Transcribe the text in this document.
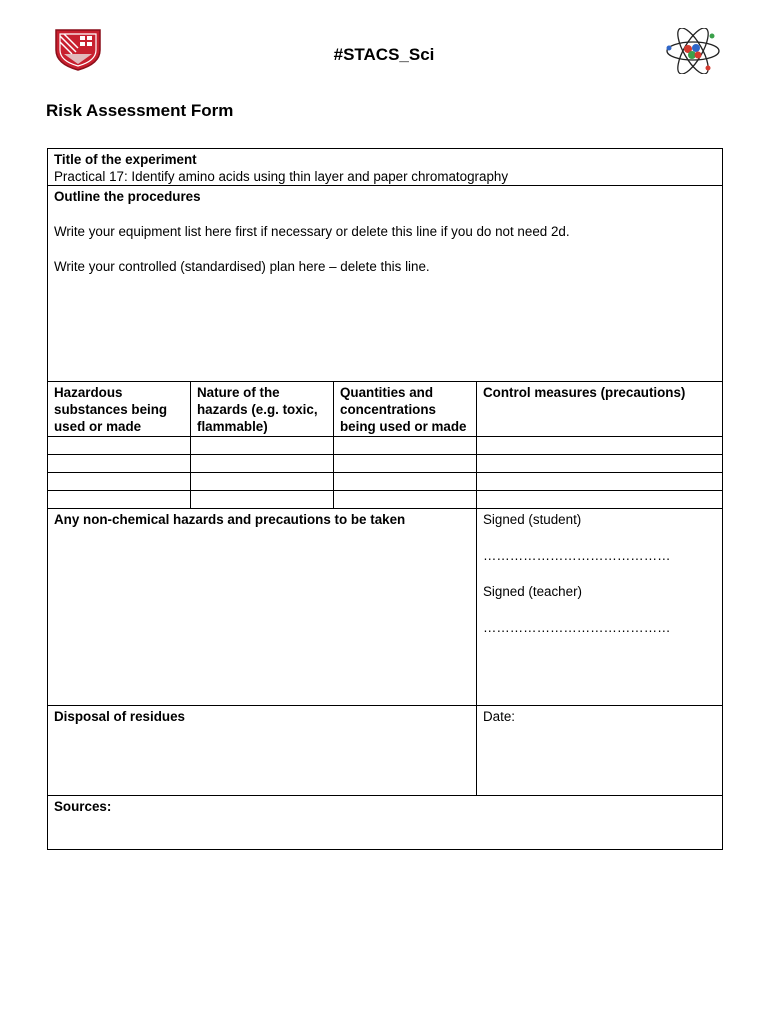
#STACS_Sci
Risk Assessment Form
Title of the experiment
Practical 17: Identify amino acids using thin layer and paper chromatography			

Outline the procedures
Write your equipment list here first if necessary or delete this line if you do not need 2d.
Write your controlled (standardised) plan here – delete this line.			

Hazardous substances being used or made	Nature of the hazards (e.g. toxic, flammable)	Quantities and concentrations being used or made	Control measures (precautions)

Any non-chemical hazards and precautions to be taken			Signed (student)
……………………………………
Signed (teacher)
……………………………………

Disposal of residues			Date:

Sources:			
